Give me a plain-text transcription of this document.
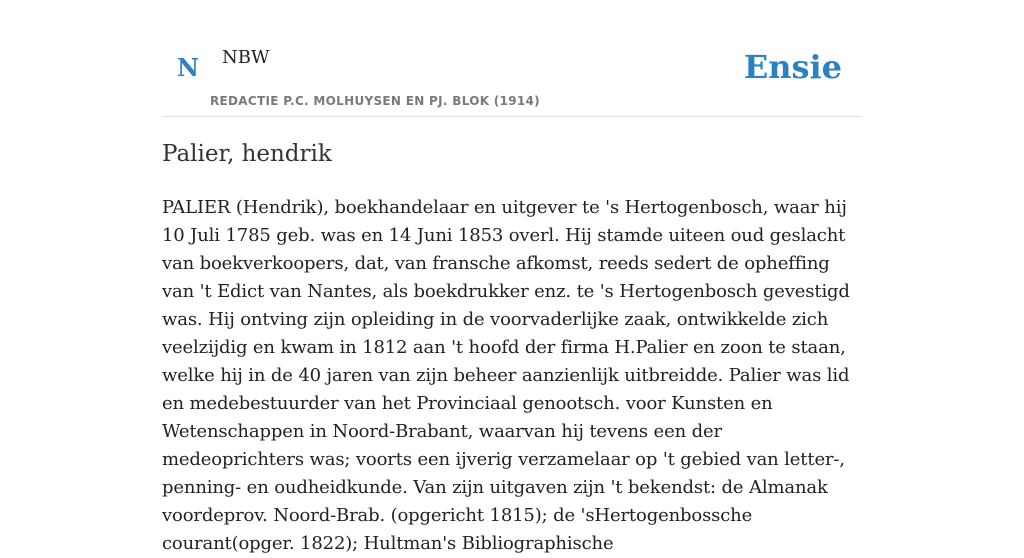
N NBW
REDACTIE P.C. MOLHUYSEN EN PJ. BLOK (1914)
Ensie
Palier, hendrik

PALIER (Hendrik), boekhandelaar en uitgever te 's Hertogenbosch, waar hij 10 Juli 1785 geb. was en 14 Juni 1853 overl. Hij stamde uiteen oud geslacht van boekverkoopers, dat, van fransche afkomst, reeds sedert de opheffing van 't Edict van Nantes, als boekdrukker enz. te 's Hertogenbosch gevestigd was. Hij ontving zijn opleiding in de voorvaderlijke zaak, ontwikkelde zich veelzijdig en kwam in 1812 aan 't hoofd der firma H.Palier en zoon te staan, welke hij in de 40 jaren van zijn beheer aanzienlijk uitbreidde. Palier was lid en medebestuurder van het Provinciaal genootsch. voor Kunsten en Wetenschappen in Noord-Brabant, waarvan hij tevens een der medeoprichters was; voorts een ijverig verzamelaar op 't gebied van letter-, penning- en oudheidkunde. Van zijn uitgaven zijn 't bekendst: de Almanak voordeprov. Noord-Brab. (opgericht 1815); de 'sHertogenbossche courant(opger. 1822); Hultman's Bibliographische
